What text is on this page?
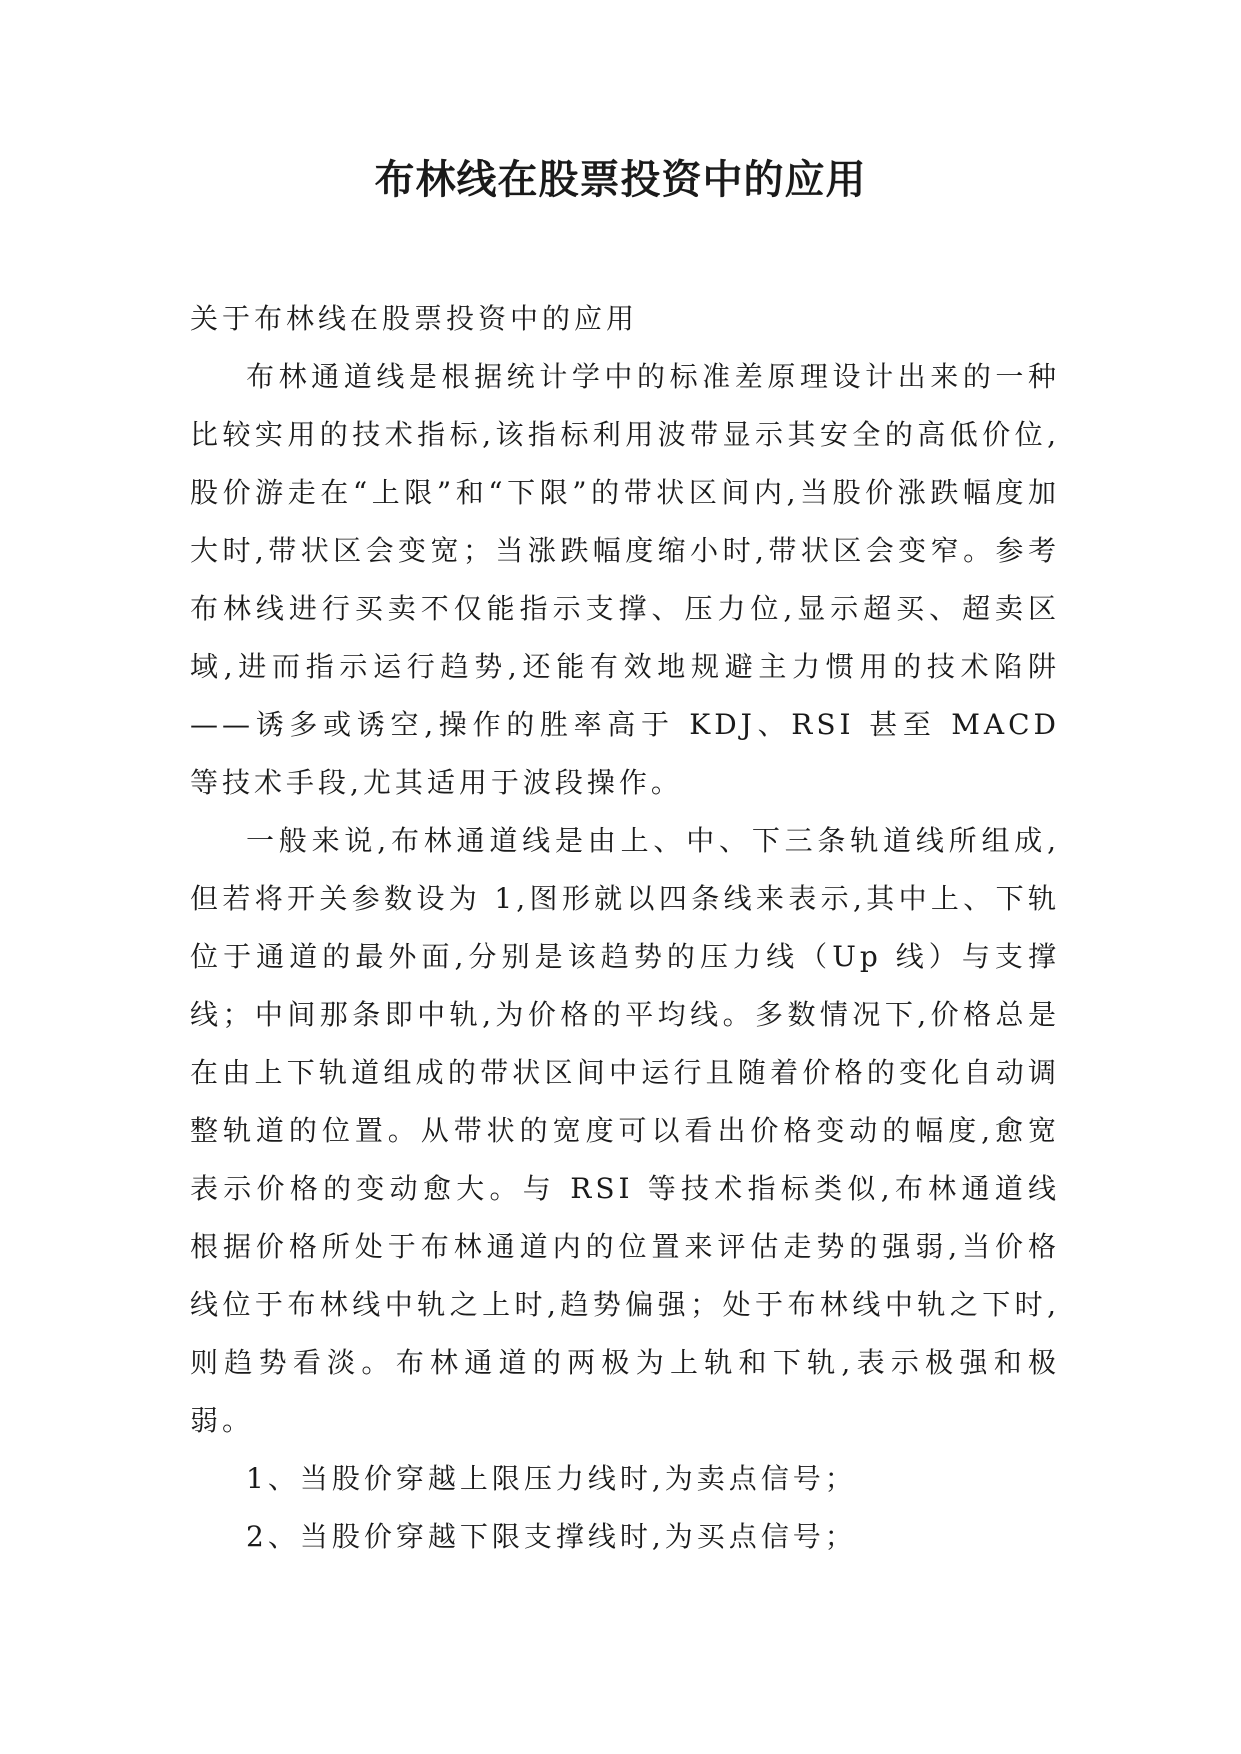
布林线在股票投资中的应用

关于布林线在股票投资中的应用

布林通道线是根据统计学中的标准差原理设计出来的一种比较实用的技术指标,该指标利用波带显示其安全的高低价位,股价游走在“上限”和“下限”的带状区间内,当股价涨跌幅度加大时,带状区会变宽；当涨跌幅度缩小时,带状区会变窄。参考布林线进行买卖不仅能指示支撑、压力位,显示超买、超卖区域,进而指示运行趋势,还能有效地规避主力惯用的技术陷阱——诱多或诱空,操作的胜率高于 KDJ、RSI 甚至 MACD 等技术手段,尤其适用于波段操作。

一般来说,布林通道线是由上、中、下三条轨道线所组成,但若将开关参数设为 1,图形就以四条线来表示,其中上、下轨位于通道的最外面,分别是该趋势的压力线（Up 线）与支撑线；中间那条即中轨,为价格的平均线。多数情况下,价格总是在由上下轨道组成的带状区间中运行且随着价格的变化自动调整轨道的位置。从带状的宽度可以看出价格变动的幅度,愈宽表示价格的变动愈大。与 RSI 等技术指标类似,布林通道线根据价格所处于布林通道内的位置来评估走势的强弱,当价格线位于布林线中轨之上时,趋势偏强；处于布林线中轨之下时,则趋势看淡。布林通道的两极为上轨和下轨,表示极强和极弱。

1、当股价穿越上限压力线时,为卖点信号；

2、当股价穿越下限支撑线时,为买点信号；
